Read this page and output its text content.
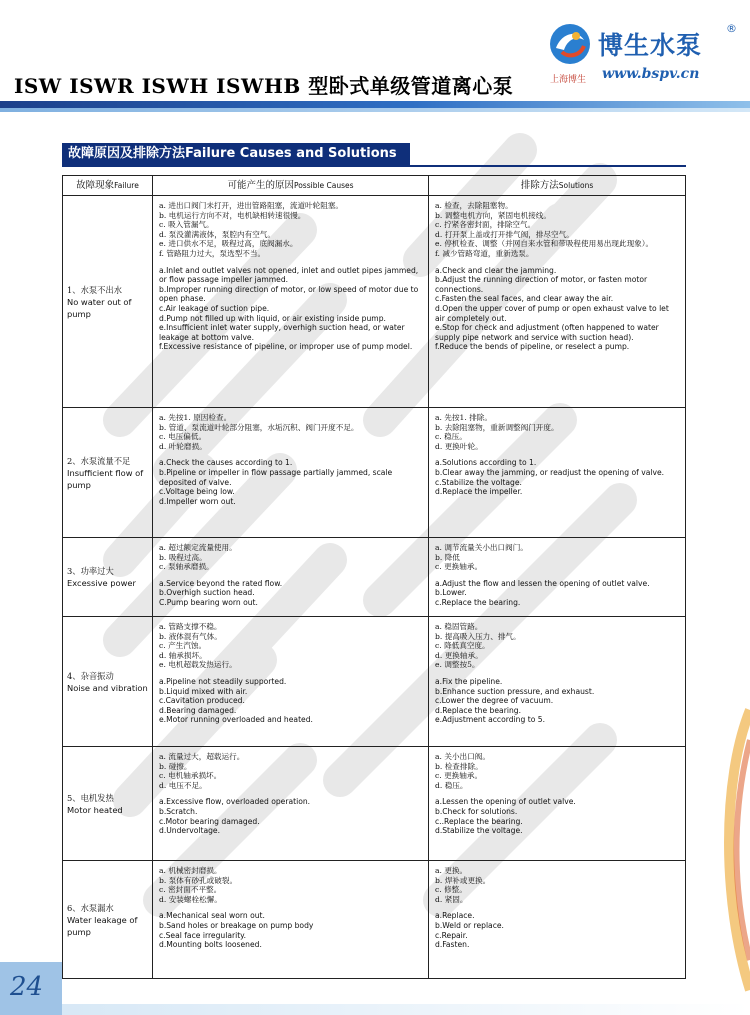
ISW ISWR ISWH ISWHB 型卧式单级管道离心泵
博生水泵
®
上海博生 www.bspv.cn
故障原因及排除方法Failure Causes and Solutions
故障现象 Failure	可能产生的原因 Possible Causes	排除方法 Solutions
1、水泵不出水
No water out of pump
a. 进出口阀门未打开，进出管路阻塞，流道叶轮阻塞。
b. 电机运行方向不对，电机缺相转速很慢。
c. 吸入管漏气。
d. 泵没灌满液体，泵腔内有空气。
e. 进口供水不足，吸程过高，底阀漏水。
f. 管路阻力过大，泵选型不当。
a.Inlet and outlet valves not opened, inlet and outlet pipes jammed, or flow passage impeller jammed.
b.Improper running direction of motor, or low speed of motor due to open phase.
c.Air leakage of suction pipe.
d.Pump not filled up with liquid, or air existing inside pump.
e.Insufficient inlet water supply, overhigh suction head, or water leakage at bottom valve.
f.Excessive resistance of pipeline, or improper use of pump model.
a. 检查，去除阻塞物。
b. 调整电机方向，紧固电机接线。
c. 拧紧各密封面，排除空气。
d. 打开泵上盖或打开排气阀，排尽空气。
e. 停机检查、调整（并网自来水管和带吸程使用易出现此现象）。
f. 减少管路弯道，重新选泵。
a.Check and clear the jamming.
b.Adjust the running direction of motor, or fasten motor connections.
c.Fasten the seal faces, and clear away the air.
d.Open the upper cover of pump or open exhaust valve to let air completely out.
e.Stop for check and adjustment (often happened to water supply pipe network and service with suction head).
f.Reduce the bends of pipeline, or reselect a pump.
2、水泵流量不足
Insufficient flow of pump
a. 先按1. 原因检查。
b. 管道、泵流道叶轮部分阻塞，水垢沉积、阀门开度不足。
c. 电压偏低。
d. 叶轮磨损。
a.Check the causes according to 1.
b.Pipeline or impeller in flow passage partially jammed, scale deposited of valve.
c.Voltage being low.
d.Impeller worn out.
a. 先按1. 排除。
b. 去除阻塞物，重新调整阀门开度。
c. 稳压。
d. 更换叶轮。
a.Solutions according to 1.
b.Clear away the jamming, or readjust the opening of valve.
c.Stabilize the voltage.
d.Replace the impeller.
3、功率过大
Excessive power
a. 超过额定流量使用。
b. 吸程过高。
c. 泵轴承磨损。
a.Service beyond the rated flow.
b.Overhigh suction head.
C.Pump bearing worn out.
a. 调节流量关小出口阀门。
b. 降低
c. 更换轴承。
a.Adjust the flow and lessen the opening of outlet valve.
b.Lower.
c.Replace the bearing.
4、杂音振动
Noise and vibration
a. 管路支撑不稳。
b. 液体混有气体。
c. 产生汽蚀。
d. 轴承损坏。
e. 电机超载发热运行。
a.Pipeline not steadily supported.
b.Liquid mixed with air.
c.Cavitation produced.
d.Bearing damaged.
e.Motor running overloaded and heated.
a. 稳固管路。
b. 提高吸入压力、排气。
c. 降低真空度。
d. 更换轴承。
e. 调整按5。
a.Fix the pipeline.
b.Enhance suction pressure, and exhaust.
c.Lower the degree of vacuum.
d.Replace the bearing.
e.Adjustment according to 5.
5、电机发热
Motor heated
a. 流量过大，超载运行。
b. 碰擦。
c. 电机轴承损坏。
d. 电压不足。
a.Excessive flow, overloaded operation.
b.Scratch.
c.Motor bearing damaged.
d.Undervoltage.
a. 关小出口阀。
b. 检查排除。
c. 更换轴承。
d. 稳压。
a.Lessen the opening of outlet valve.
b.Check for solutions.
c..Replace the bearing.
d.Stabilize the voltage.
6、水泵漏水
Water leakage of pump
a. 机械密封磨损。
b. 泵体有砂孔或破裂。
c. 密封面不平整。
d. 安装螺栓松懈。
a.Mechanical seal worn out.
b.Sand holes or breakage on pump body
c.Seal face irregularity.
d.Mounting bolts loosened.
a. 更换。
b. 焊补或更换。
c. 修整。
d. 紧固。
a.Replace.
b.Weld or replace.
c.Repair.
d.Fasten.
24
